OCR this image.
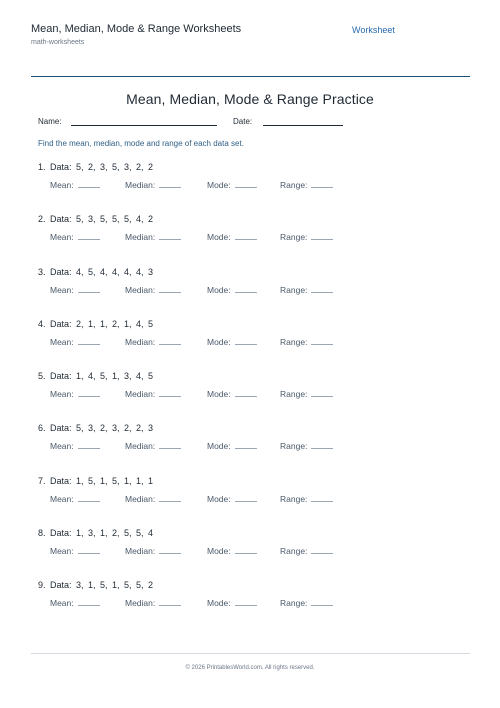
Mean, Median, Mode & Range Worksheets	Worksheet
math-worksheets
Mean, Median, Mode & Range Practice
Name:	Date:
Find the mean, median, mode and range of each data set.
1. Data: 5, 2, 3, 5, 3, 2, 2
Mean:	Median:	Mode:	Range:
2. Data: 5, 3, 5, 5, 5, 4, 2
Mean:	Median:	Mode:	Range:
3. Data: 4, 5, 4, 4, 4, 4, 3
Mean:	Median:	Mode:	Range:
4. Data: 2, 1, 1, 2, 1, 4, 5
Mean:	Median:	Mode:	Range:
5. Data: 1, 4, 5, 1, 3, 4, 5
Mean:	Median:	Mode:	Range:
6. Data: 5, 3, 2, 3, 2, 2, 3
Mean:	Median:	Mode:	Range:
7. Data: 1, 5, 1, 5, 1, 1, 1
Mean:	Median:	Mode:	Range:
8. Data: 1, 3, 1, 2, 5, 5, 4
Mean:	Median:	Mode:	Range:
9. Data: 3, 1, 5, 1, 5, 5, 2
Mean:	Median:	Mode:	Range:
© 2026 PrintablesWorld.com. All rights reserved.
